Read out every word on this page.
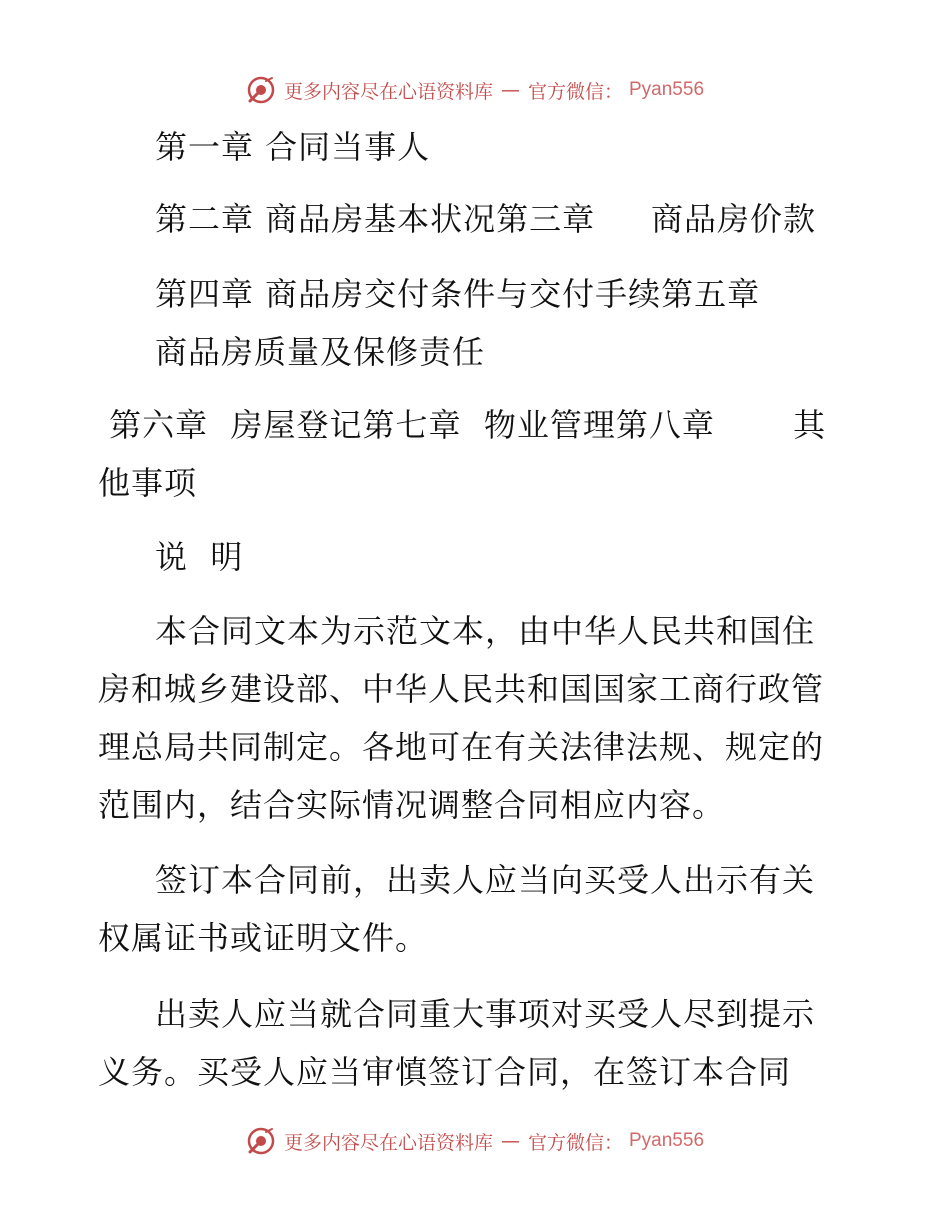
更多内容尽在心语资料库 — 官方微信： Pyan556
第一章 合同当事人
第二章 商品房基本状况第三章     商品房价款
第四章 商品房交付条件与交付手续第五章
商品房质量及保修责任
第六章  房屋登记第七章  物业管理第八章       其
他事项
说  明
本合同文本为示范文本，由中华人民共和国住
房和城乡建设部、中华人民共和国国家工商行政管
理总局共同制定。各地可在有关法律法规、规定的
范围内，结合实际情况调整合同相应内容。
签订本合同前，出卖人应当向买受人出示有关
权属证书或证明文件。
出卖人应当就合同重大事项对买受人尽到提示
义务。买受人应当审慎签订合同，在签订本合同
更多内容尽在心语资料库 — 官方微信： Pyan556
